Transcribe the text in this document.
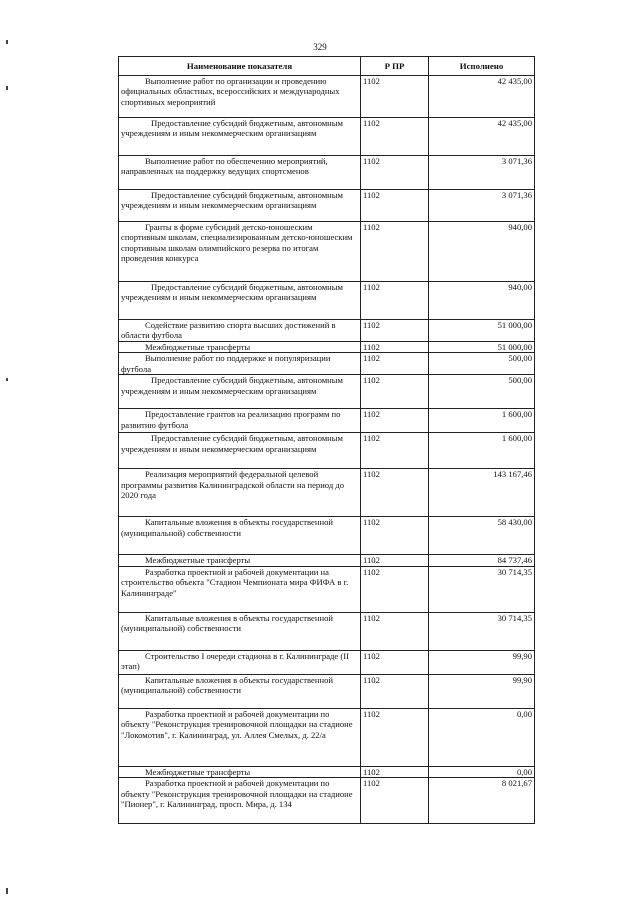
329
Наименование показателя	Р ПР	Исполнено
Выполнение работ по организации и проведению официальных областных, всероссийских и международных спортивных мероприятий	1102	42 435,00
Предоставление субсидий бюджетным, автономным учреждениям и иным некоммерческим организациям	1102	42 435,00
Выполнение работ по обеспечению мероприятий, направленных на поддержку ведущих спортсменов	1102	3 071,36
Предоставление субсидий бюджетным, автономным учреждениям и иным некоммерческим организациям	1102	3 071,36
Гранты в форме субсидий детско-юношеским спортивным школам, специализированным детско-юношеским спортивным школам олимпийского резерва по итогам проведения конкурса	1102	940,00
Предоставление субсидий бюджетным, автономным учреждениям и иным некоммерческим организациям	1102	940,00
Содействие развитию спорта высших достижений в области футбола	1102	51 000,00
Межбюджетные трансферты	1102	51 000,00
Выполнение работ по поддержке и популяризации футбола	1102	500,00
Предоставление субсидий бюджетным, автономным учреждениям и иным некоммерческим организациям	1102	500,00
Предоставление грантов на реализацию программ по развитию футбола	1102	1 600,00
Предоставление субсидий бюджетным, автономным учреждениям и иным некоммерческим организациям	1102	1 600,00
Реализация мероприятий федеральной целевой программы развития Калининградской области на период до 2020 года	1102	143 167,46
Капитальные вложения в объекты государственной (муниципальной) собственности	1102	58 430,00
Межбюджетные трансферты	1102	84 737,46
Разработка проектной и рабочей документации на строительство объекта "Стадион Чемпионата мира ФИФА в г. Калининграде"	1102	30 714,35
Капитальные вложения в объекты государственной (муниципальной) собственности	1102	30 714,35
Строительство I очереди стадиона в г. Калининграде (II этап)	1102	99,90
Капитальные вложения в объекты государственной (муниципальной) собственности	1102	99,90
Разработка проектной и рабочей документации по объекту "Реконструкция тренировочной площадки на стадионе "Локомотив", г. Калининград, ул. Аллея Смелых, д. 22/а	1102	0,00
Межбюджетные трансферты	1102	0,00
Разработка проектной и рабочей документации по объекту "Реконструкция тренировочной площадки на стадионе "Пионер", г. Калининград, просп. Мира, д. 134	1102	8 021,67
